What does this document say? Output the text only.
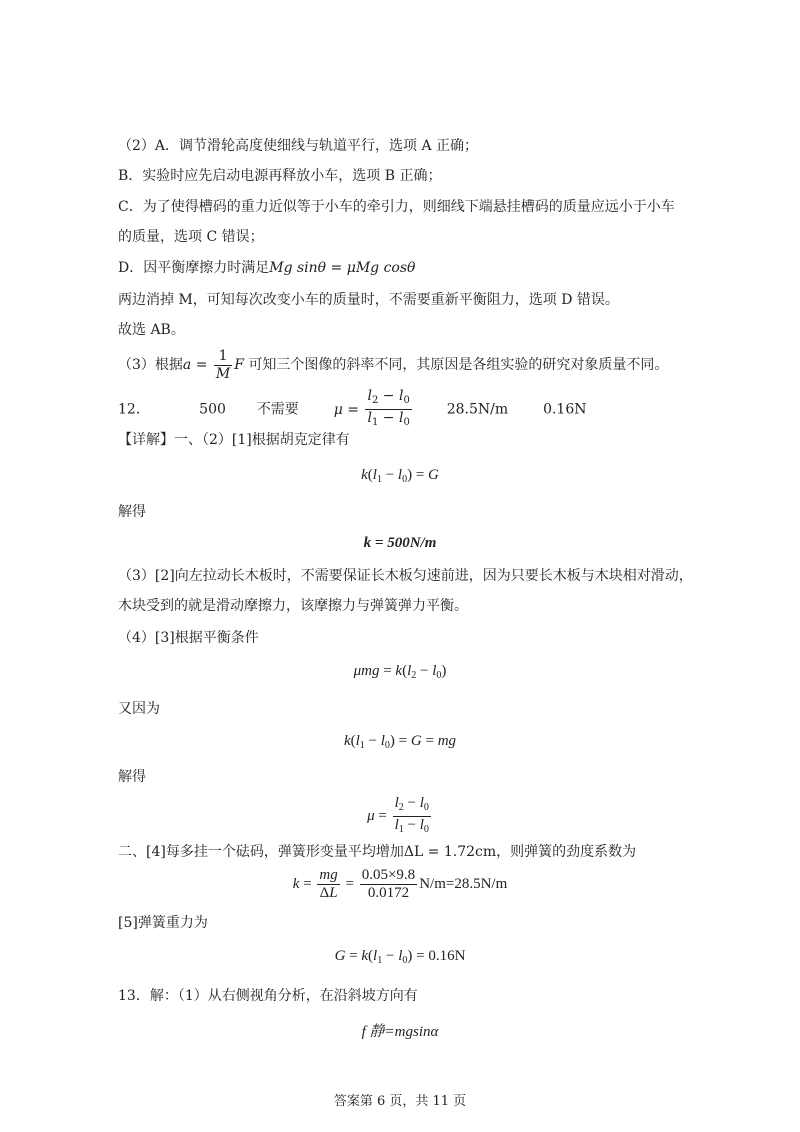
（2）A．调节滑轮高度使细线与轨道平行，选项 A 正确；
B．实验时应先启动电源再释放小车，选项 B 正确；
C．为了使得槽码的重力近似等于小车的牵引力，则细线下端悬挂槽码的质量应远小于小车
的质量，选项 C 错误；
D．因平衡摩擦力时满足Mg sinθ = μMg cosθ
两边消掉 M，可知每次改变小车的质量时，不需要重新平衡阻力，选项 D 错误。
故选 AB。
（3）根据$a = \frac{1}{M}$ F 可知三个图像的斜率不同，其原因是各组实验的研究对象质量不同。
12.	500 不需要 $\mu = \frac{l_2 - l_0}{l_1 - l_0} 28.5N/m$ 0.16N
【详解】一、（2）[1]根据胡克定律有
$k(l_1 - l_0) = G$
解得
k = 500N/m
（3）[2]向左拉动长木板时，不需要保证长木板匀速前进，因为只要长木板与木块相对滑动，
木块受到的就是滑动摩擦力，该摩擦力与弹簧弹力平衡。
（4）[3]根据平衡条件
$\mu mg = k(l_2 - l_0)$
又因为
$k(l_1 - l_0) = G$ = mg
解得
$\mu = \frac{l_2 - l_0}{l_1 - l_0}$
二、[4]每多挂一个砝码，弹簧形变量平均增加ΔL = 1.72cm，则弹簧的劲度系数为
$k = \frac{mg}{\Delta L} = \frac{0.05\times 9.8}{0.0172} N/m=28.5N/m$
[5]弹簧重力为
$G = k(l_1 - l_0) = 0.16N$
13．解：（1）从右侧视角分析，在沿斜坡方向有
f 静=mgsinα
答案第 6 页，共 11 页
